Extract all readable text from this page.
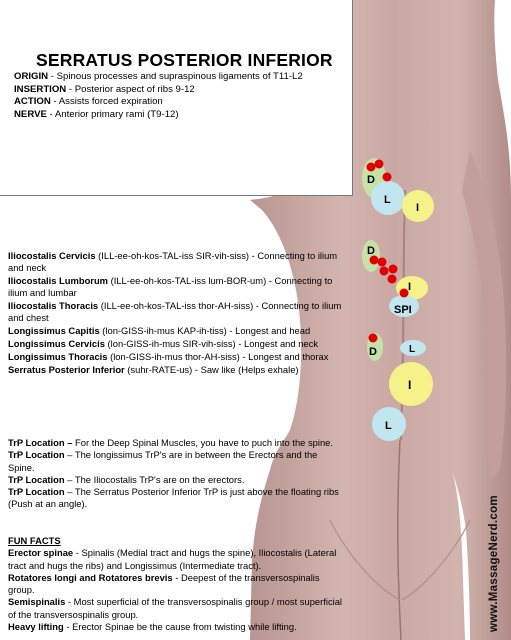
D
L
I
D
I
SPI
D	L
I
L
SERRATUS POSTERIOR INFERIOR
ORIGIN - Spinous processes and supraspinous ligaments of T11-L2
INSERTION - Posterior aspect of ribs 9-12
ACTION - Assists forced expiration
NERVE - Anterior primary rami (T9-12)

Iliocostalis Cervicis (ILL-ee-oh-kos-TAL-iss SIR-vih-siss) - Connecting to ilium and neck

Iliocostalis Lumborum (ILL-ee-oh-kos-TAL-iss lum-BOR-um) - Connecting to ilium and lumbar

Iliocostalis Thoracis (ILL-ee-oh-kos-TAL-iss thor-AH-siss) - Connecting to ilium and chest

Longissimus Capitis (lon-GISS-ih-mus KAP-ih-tiss) - Longest and head

Longissimus Cervicis (lon-GISS-ih-mus SIR-vih-siss) - Longest and neck

Longissimus Thoracis (lon-GISS-ih-mus thor-AH-siss) - Longest and thorax

Serratus Posterior Inferior (suhr-RATE-us) - Saw like (Helps exhale)

TrP Location – For the Deep Spinal Muscles, you have to puch into the spine.

TrP Location – The longissimus TrP's are in between the Erectors and the Spine.

TrP Location – The Iliocostalis TrP's are on the erectors.

TrP Location – The Serratus Posterior Inferior TrP is just above the floating ribs (Push at an angle).

FUN FACTS

Erector spinae - Spinalis (Medial tract and hugs the spine), Iliocostalis (Lateral tract and hugs the ribs) and Longissimus (Intermediate tract).

Rotatores longi and Rotatores brevis - Deepest of the transversospinalis group.

Semispinalis - Most superficial of the transversospinalis group / most superficial of the transversospinalis group.

Heavy lifting - Erector Spinae be the cause from twisting while lifting.	www.MassageNerd.com
